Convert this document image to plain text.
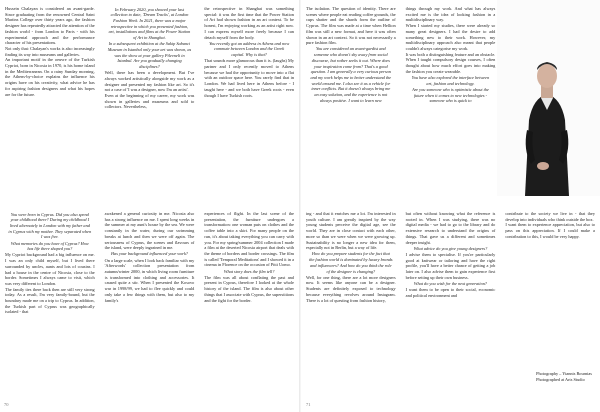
Hussein Chalayan is considered an avant-garde. Since graduating from the renowned Central Saint Martins College over thirty years ago, the fashion designer has repeatedly attracted the attention of the fashion world - from London to Paris - with his experimental approach and the performance character of his presentations.

Not only that: Chalayan's works is also increasingly finding its way into museums and galleries.

An important motif in the oeuvre of the Turkish Cypriot, born in Nicosia in 1970, is his home island in the Mediterranean. On a rainy Sunday morning, the Athens-by-choice explains the influence his origins have on his creativity, what advice he has for aspiring fashion designers and what his hopes are for the future.

In February 2020, you showed your last collection to date, 'Dream Tracks', at London Fashion Week. In 2021, there was a major retrospective in which you presented fashion, art, installations and films at the Power Station of Art in Shanghai.

In a subsequent exhibition at the Sakip Sabanci Museum in Istanbul only your art was shown, as was the show at your gallery Pilevneli in Istanbul. Are you gradually changing disciplines?

Well, there has been a development. But I've always worked artistically alongside my work as a designer and presented my fashion like art. So it's not a case of 'I was a designer, now I'm an artist'.

Even at the beginning of my career, my work was shown in galleries and museums and sold to collectors. Nevertheless,

the retrospective in Shanghai was something special: it was the first time that the Power Station of Art had shown fashion in an art context. To be honest, I'm enjoying working as an artist right now. I can express myself more freely because I can detach myself from the body.

You recently got an address in Athens and now commute between London and the Greek capital. Why is that?

That sounds more glamorous than it is. (laughs) My partner and I only recently moved to Athens because we had the opportunity to move into a flat with an outdoor space here. You rarely find that in London. We had lived here in Athens before - I taught here - and we both have Greek roots - even though I have Turkish roots.

You were born in Cyprus. Did you also spend your childhood there? During my childhood I lived alternately in London with my father and in Cyprus with my mother. They separated when I was five.

What memories do you have of Cyprus? How has life there shaped you?

My Cypriot background had a big influence on me. I was an only child myself, but I lived there surrounded by uncles, aunts and lots of cousins. I had a house in the centre of Nicosia, close to the border. Sometimes I always came to visit, which was very different to London.

The family ties there back then are still very strong today. As a result, I'm very family-bound, but the boundary made me on a trip to Cyprus. In addition, the Turkish part of Cyprus was geographically isolated - that

awakened a general curiosity in me. Nicosia also has a strong influence on me. I spent long weeks in the summer at my aunt's house by the sea. We were constantly in the water, during our swimming breaks at lunch and then we were off again. The seriousness of Cyprus, the scenes and flavours of the island, were deeply ingrained in me.

Has your background influenced your work?

On a large scale, when I look back familiar with my 'Afterwords' collection presentation from autumn/winter 2000, in which living room furniture is transformed into clothing and accessories. It caused quite a stir. When I presented the Kosovo war in 1998/99, we had to flee quickly and could only take a few things with them, but also to my family's

experiences of flight. In the last scene of the presentation, the furniture undergoes a transformation: one woman puts on clothes and the coffee table into a skirt. For many people on the run, it's about taking everything you can carry with you. For my spring/summer 2004 collection I made a film at the deserted Nicosia airport that deals with the theme of borders and border crossings. The film is called 'Temporal Meditations' and I showed it in a cinema in Florence on the occasion of Pitti Uomo.

What story does the film tell?

The film was all about conflating the past and present in Cyprus, therefore I looked at the whole history of the island. The film is also about other things that I associate with Cyprus, the superstitions and the fight for the border.

70

The isolation. The question of identity. There are scenes where people eat reading coffee grounds, the cups shatter and the shards form the outline of Cyprus. The film was made at a time when Hellion film was still a new format, and here it was often shown in an art context. So it was not necessarily a pure fashion film.

You are considered an avant-gardist and someone who doesn't shy away from social discourse, but rather seeks it out. Where does your inspiration come from? That's a good question. I am generally a very curious person and my work helps me to better understand the world around me. I also see it as a vehicle for inner conflicts. But it doesn't always bring me an easy solution, and the experience is not always positive. I want to learn new

things through my work. And what has always excited me is the idea of looking fashion in a multidisciplinary way.

When I started my studies, there were already so many great designers. I had the desire to add something new to their work. However, my multidisciplinary approach also meant that people couldn't always categorise my work.

It was both a distinguishing feature and an obstacle. When I taught compulsory design courses, I often thought about how much effort goes into making the fashion you create wearable.

You have also explored the interface between art, fashion and technology.

Are you someone who is optimistic about the future when it comes to new technologies - someone who is quick to

ing - and that it enriches me a lot. I'm interested in youth culture. I am greatly inspired by the way young students perceive the digital age, see the world. They are in close contact with each other, more so than we were when we were growing up. Sustainability is no longer a new idea for them, especially not in Berlin, but a way of life.

How do you prepare students for the fact that the fashion world is dominated by luxury brands and influencers? And how do you think the role of the designer is changing?

Well, for one thing, there are a lot more designers now. It seems like anyone can be a designer. Students are definitely exposed to technology because everything revolves around Instagram. There is a lot of questing from fashion history,

but often without knowing what the reference is rooted in. When I was studying, there was no digital media - we had to go to the library and do extensive research to understand the origins of things. That gave us a different and sometimes deeper insight.

What advice do you give young designers?

I advise them to specialise. If you're particularly good at knitwear or tailoring and have the right profile, you'll have a better chance of getting a job later on. I also advise them to gain experience first before setting up their own business.

What do you wish for the next generation?

I want them to be open to their social, economic and political environment and

contribute to the society we live in - that they develop into individuals who think outside the box.

I want them to experience appreciation, but also to pass on this appreciation. If I could make a contribution to this, I would be very happy.

Photography – Yiannis Bournias
Photographed at Arts Studio
71
